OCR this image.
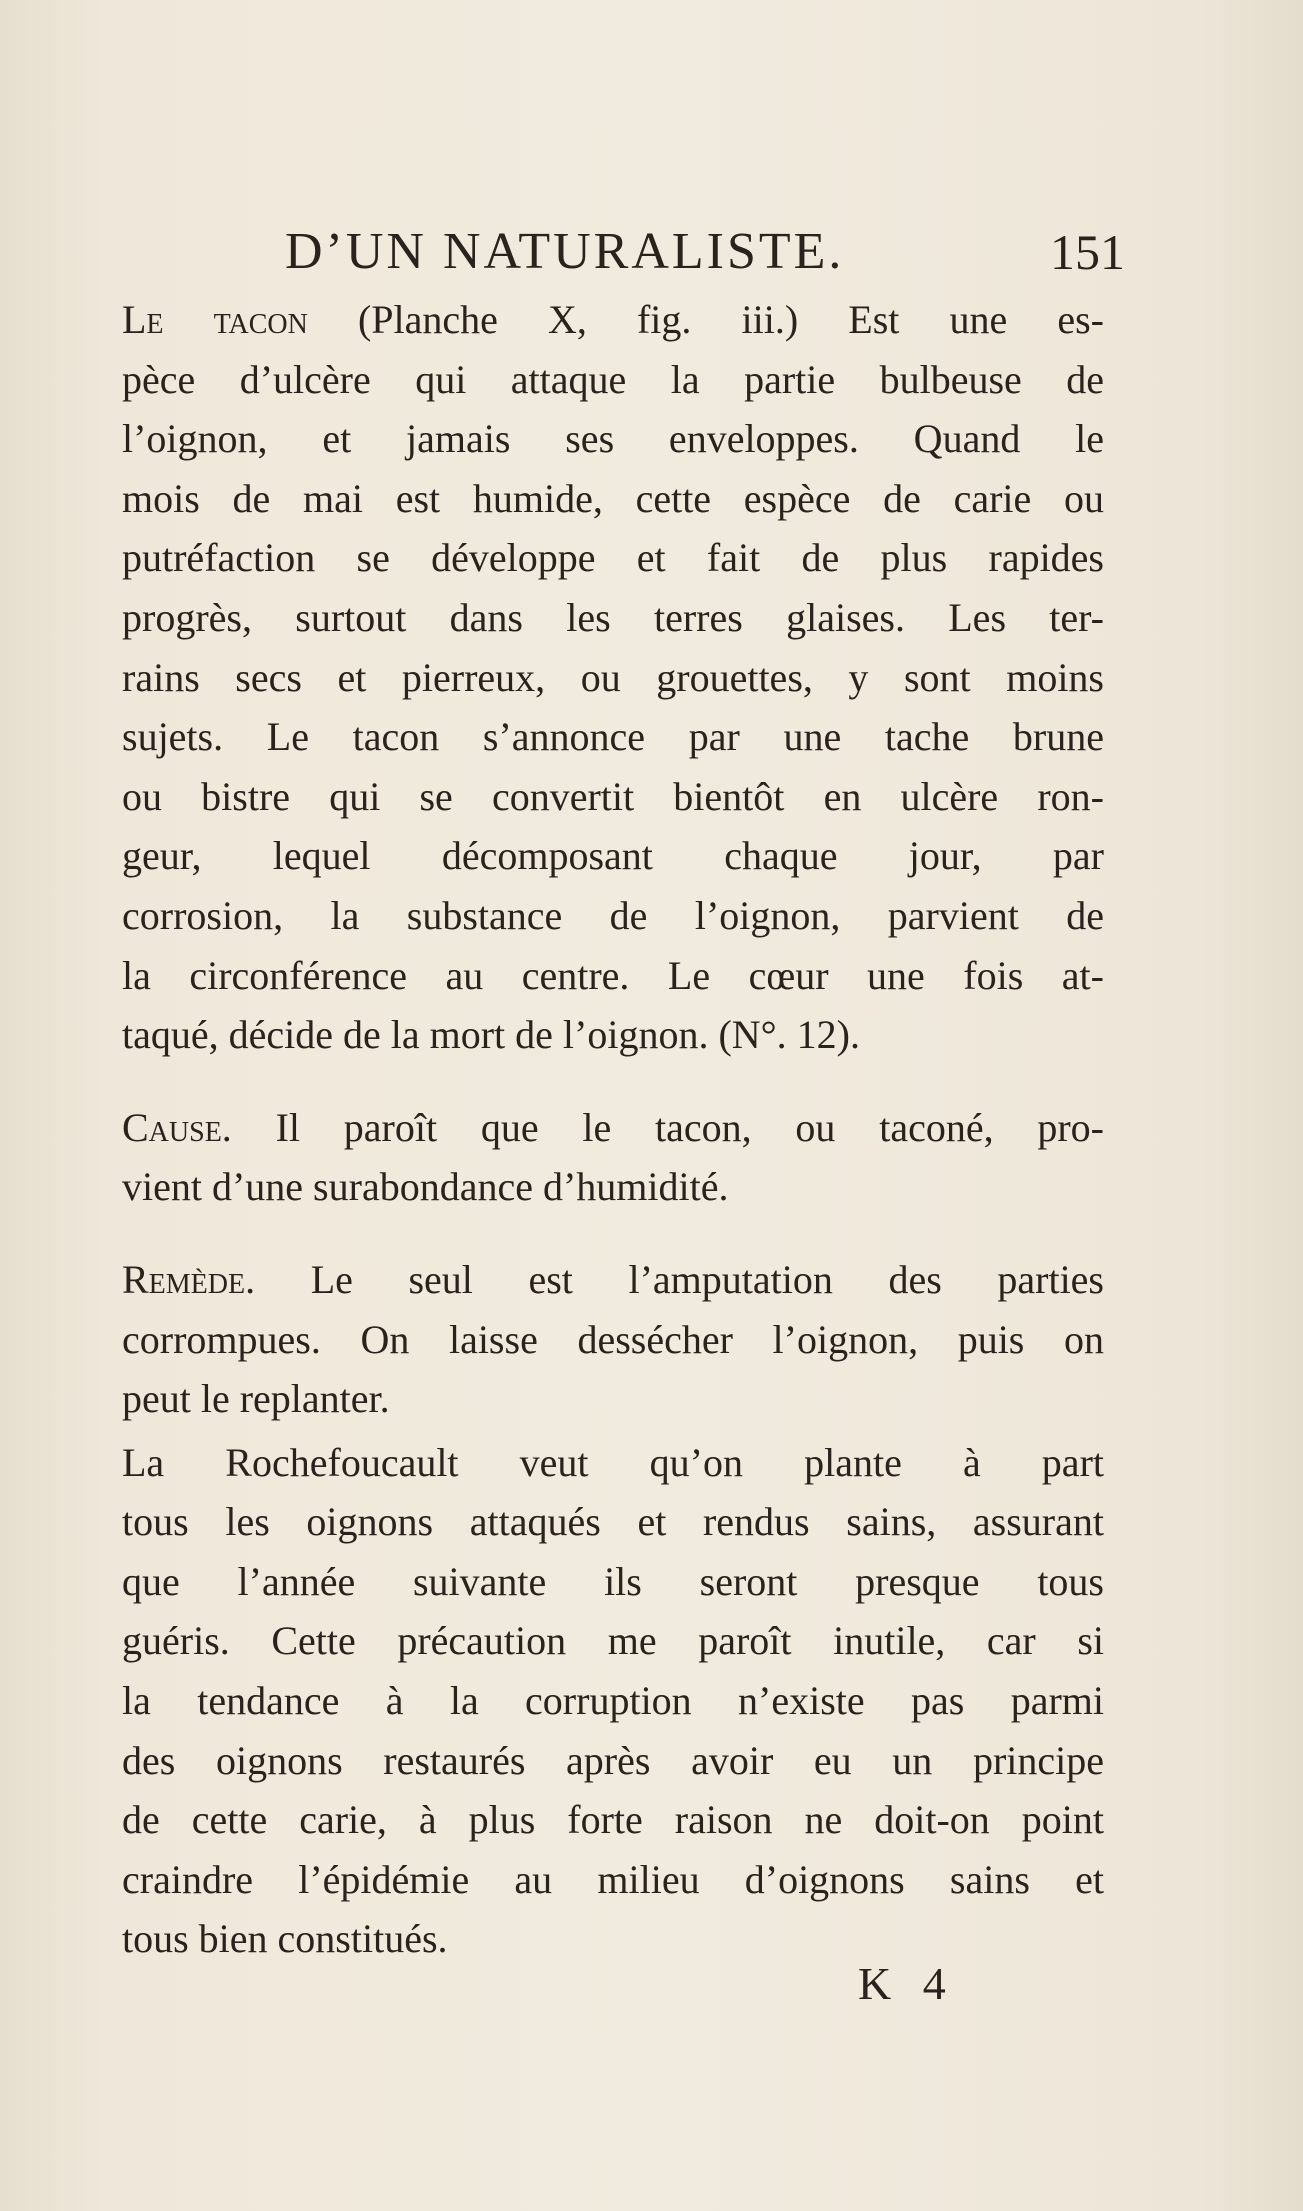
D’UN NATURALISTE.	151

Le tacon (Planche X, fig. iii.) Est une es-
pèce d’ulcère qui attaque la partie bulbeuse de
l’oignon, et jamais ses enveloppes. Quand le
mois de mai est humide, cette espèce de carie ou
putréfaction se développe et fait de plus rapides
progrès, surtout dans les terres glaises. Les ter-
rains secs et pierreux, ou grouettes, y sont moins
sujets. Le tacon s’annonce par une tache brune
ou bistre qui se convertit bientôt en ulcère ron-
geur, lequel décomposant chaque jour, par
corrosion, la substance de l’oignon, parvient de
la circonférence au centre. Le cœur une fois at-
taqué, décide de la mort de l’oignon. (N°. 12).

Cause. Il paroît que le tacon, ou taconé, pro-
vient d’une surabondance d’humidité.

Remède. Le seul est l’amputation des parties
corrompues. On laisse dessécher l’oignon, puis on
peut le replanter.

La Rochefoucault veut qu’on plante à part
tous les oignons attaqués et rendus sains, assurant
que l’année suivante ils seront presque tous
guéris. Cette précaution me paroît inutile, car si
la tendance à la corruption n’existe pas parmi
des oignons restaurés après avoir eu un principe
de cette carie, à plus forte raison ne doit-on point
craindre l’épidémie au milieu d’oignons sains et
tous bien constitués.

K 4
